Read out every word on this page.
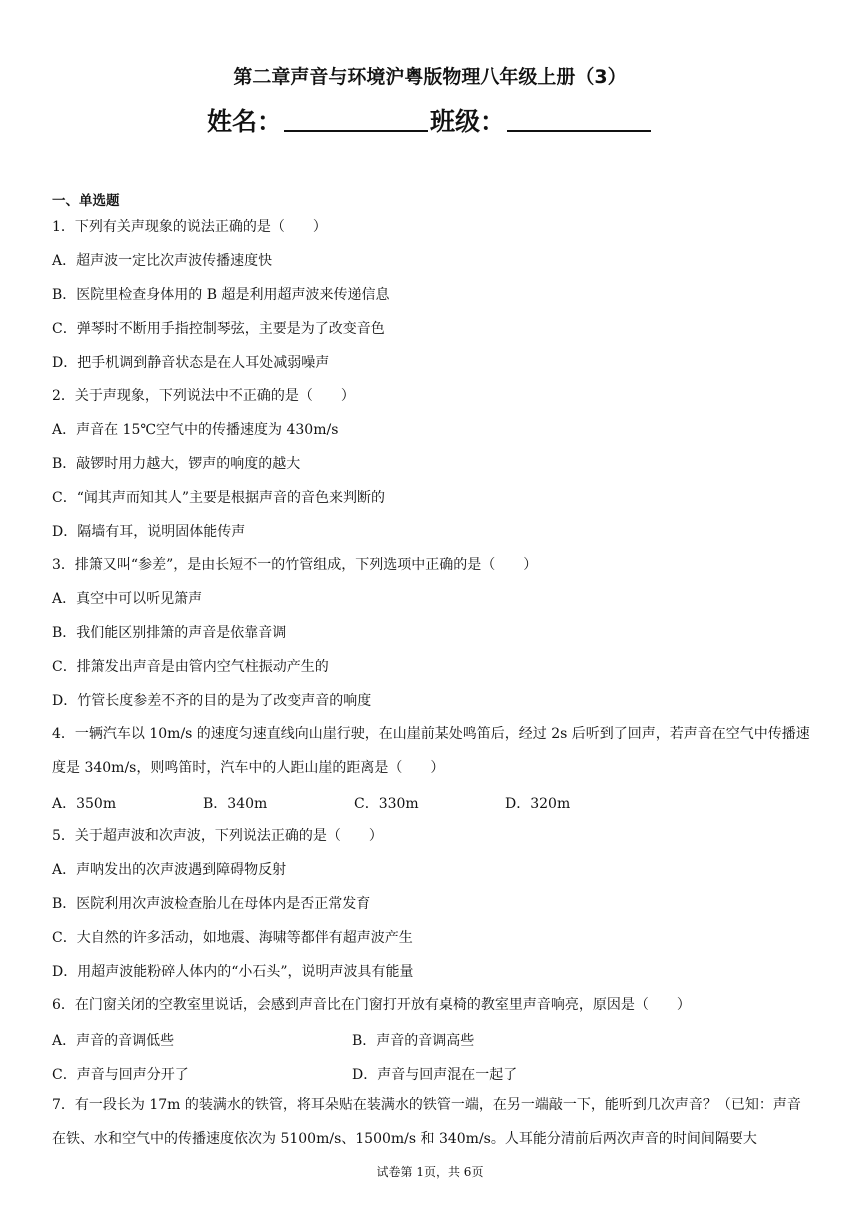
第二章声音与环境沪粤版物理八年级上册（3）
姓名：	班级：
一、单选题
1．下列有关声现象的说法正确的是（　　）
A．超声波一定比次声波传播速度快
B．医院里检查身体用的 B 超是利用超声波来传递信息
C．弹琴时不断用手指控制琴弦，主要是为了改变音色
D．把手机调到静音状态是在人耳处减弱噪声
2．关于声现象，下列说法中不正确的是（　　）
A．声音在 15℃空气中的传播速度为 430m/s
B．敲锣时用力越大，锣声的响度的越大
C．“闻其声而知其人”主要是根据声音的音色来判断的
D．隔墙有耳，说明固体能传声
3．排箫又叫“参差”，是由长短不一的竹管组成，下列选项中正确的是（　　）
A．真空中可以听见箫声
B．我们能区别排箫的声音是依靠音调
C．排箫发出声音是由管内空气柱振动产生的
D．竹管长度参差不齐的目的是为了改变声音的响度
4．一辆汽车以 10m/s 的速度匀速直线向山崖行驶，在山崖前某处鸣笛后，经过 2s 后听到了回声，若声音在空气中传播速度是 340m/s，则鸣笛时，汽车中的人距山崖的距离是（　　）
A．350m	B．340m	C．330m	D．320m
5．关于超声波和次声波，下列说法正确的是（　　）
A．声呐发出的次声波遇到障碍物反射
B．医院利用次声波检查胎儿在母体内是否正常发育
C．大自然的许多活动，如地震、海啸等都伴有超声波产生
D．用超声波能粉碎人体内的“小石头”，说明声波具有能量
6．在门窗关闭的空教室里说话，会感到声音比在门窗打开放有桌椅的教室里声音响亮，原因是（　　）
A．声音的音调低些	B．声音的音调高些
C．声音与回声分开了	D．声音与回声混在一起了
7．有一段长为 17m 的装满水的铁管，将耳朵贴在装满水的铁管一端，在另一端敲一下，能听到几次声音？（已知：声音在铁、水和空气中的传播速度依次为 5100m/s、1500m/s 和 340m/s。人耳能分清前后两次声音的时间间隔要大
试卷第 1页，共 6页
